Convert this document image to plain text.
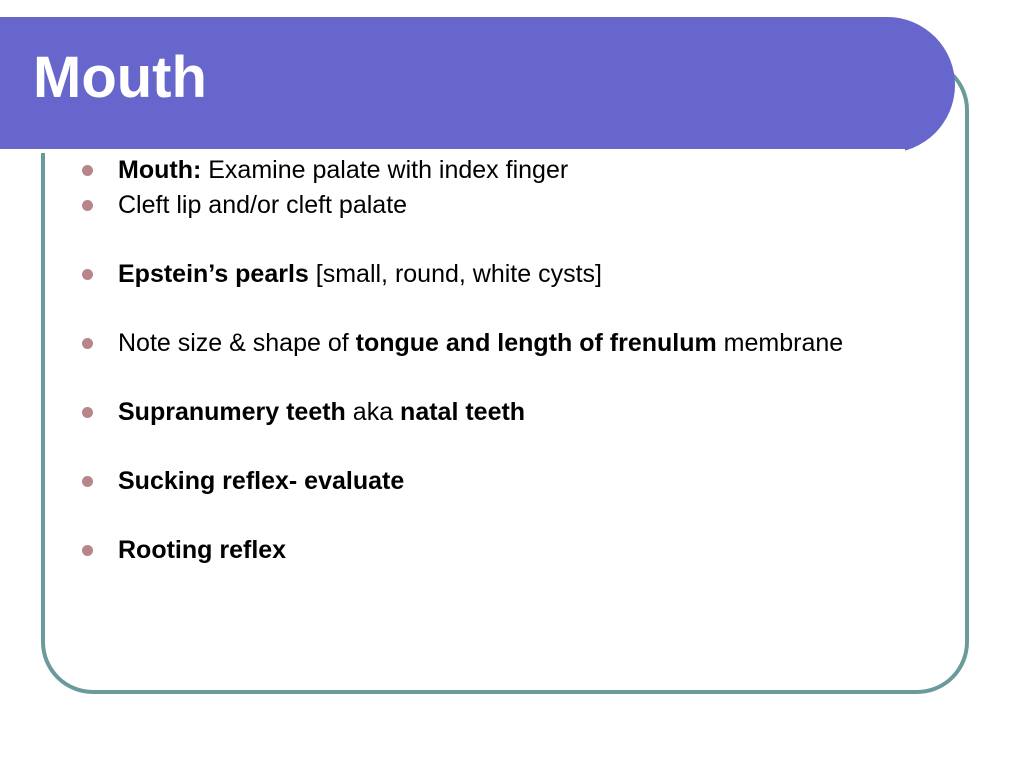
Mouth
Mouth: Examine palate with index finger
Cleft lip and/or cleft palate
Epstein’s pearls [small, round, white cysts]
Note size & shape of tongue and length of frenulum membrane
Supranumery teeth aka natal teeth
Sucking reflex- evaluate
Rooting reflex
